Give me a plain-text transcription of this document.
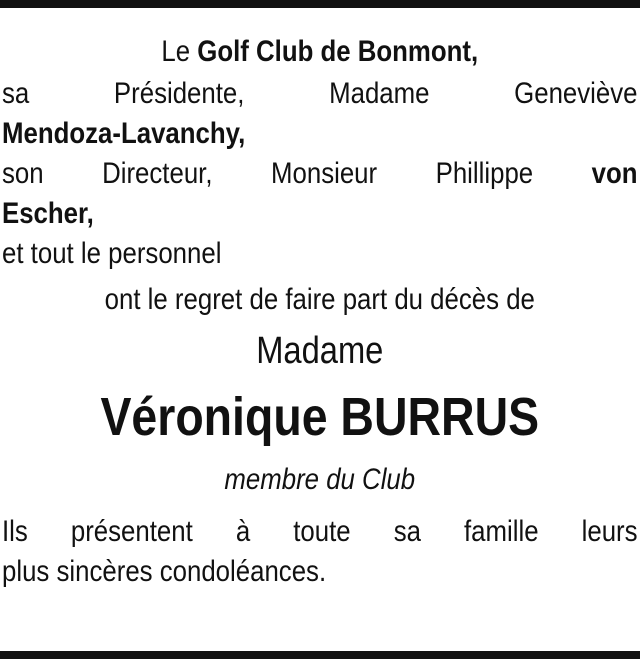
Le Golf Club de Bonmont,
sa	Présidente,	Madame	Geneviève
Mendoza-Lavanchy,
son Directeur, Monsieur Phillippe von
Escher,
et tout le personnel
ont le regret de faire part du décès de
Madame
Véronique BURRUS
membre du Club
Ils présentent à toute sa famille leurs
plus sincères condoléances.
